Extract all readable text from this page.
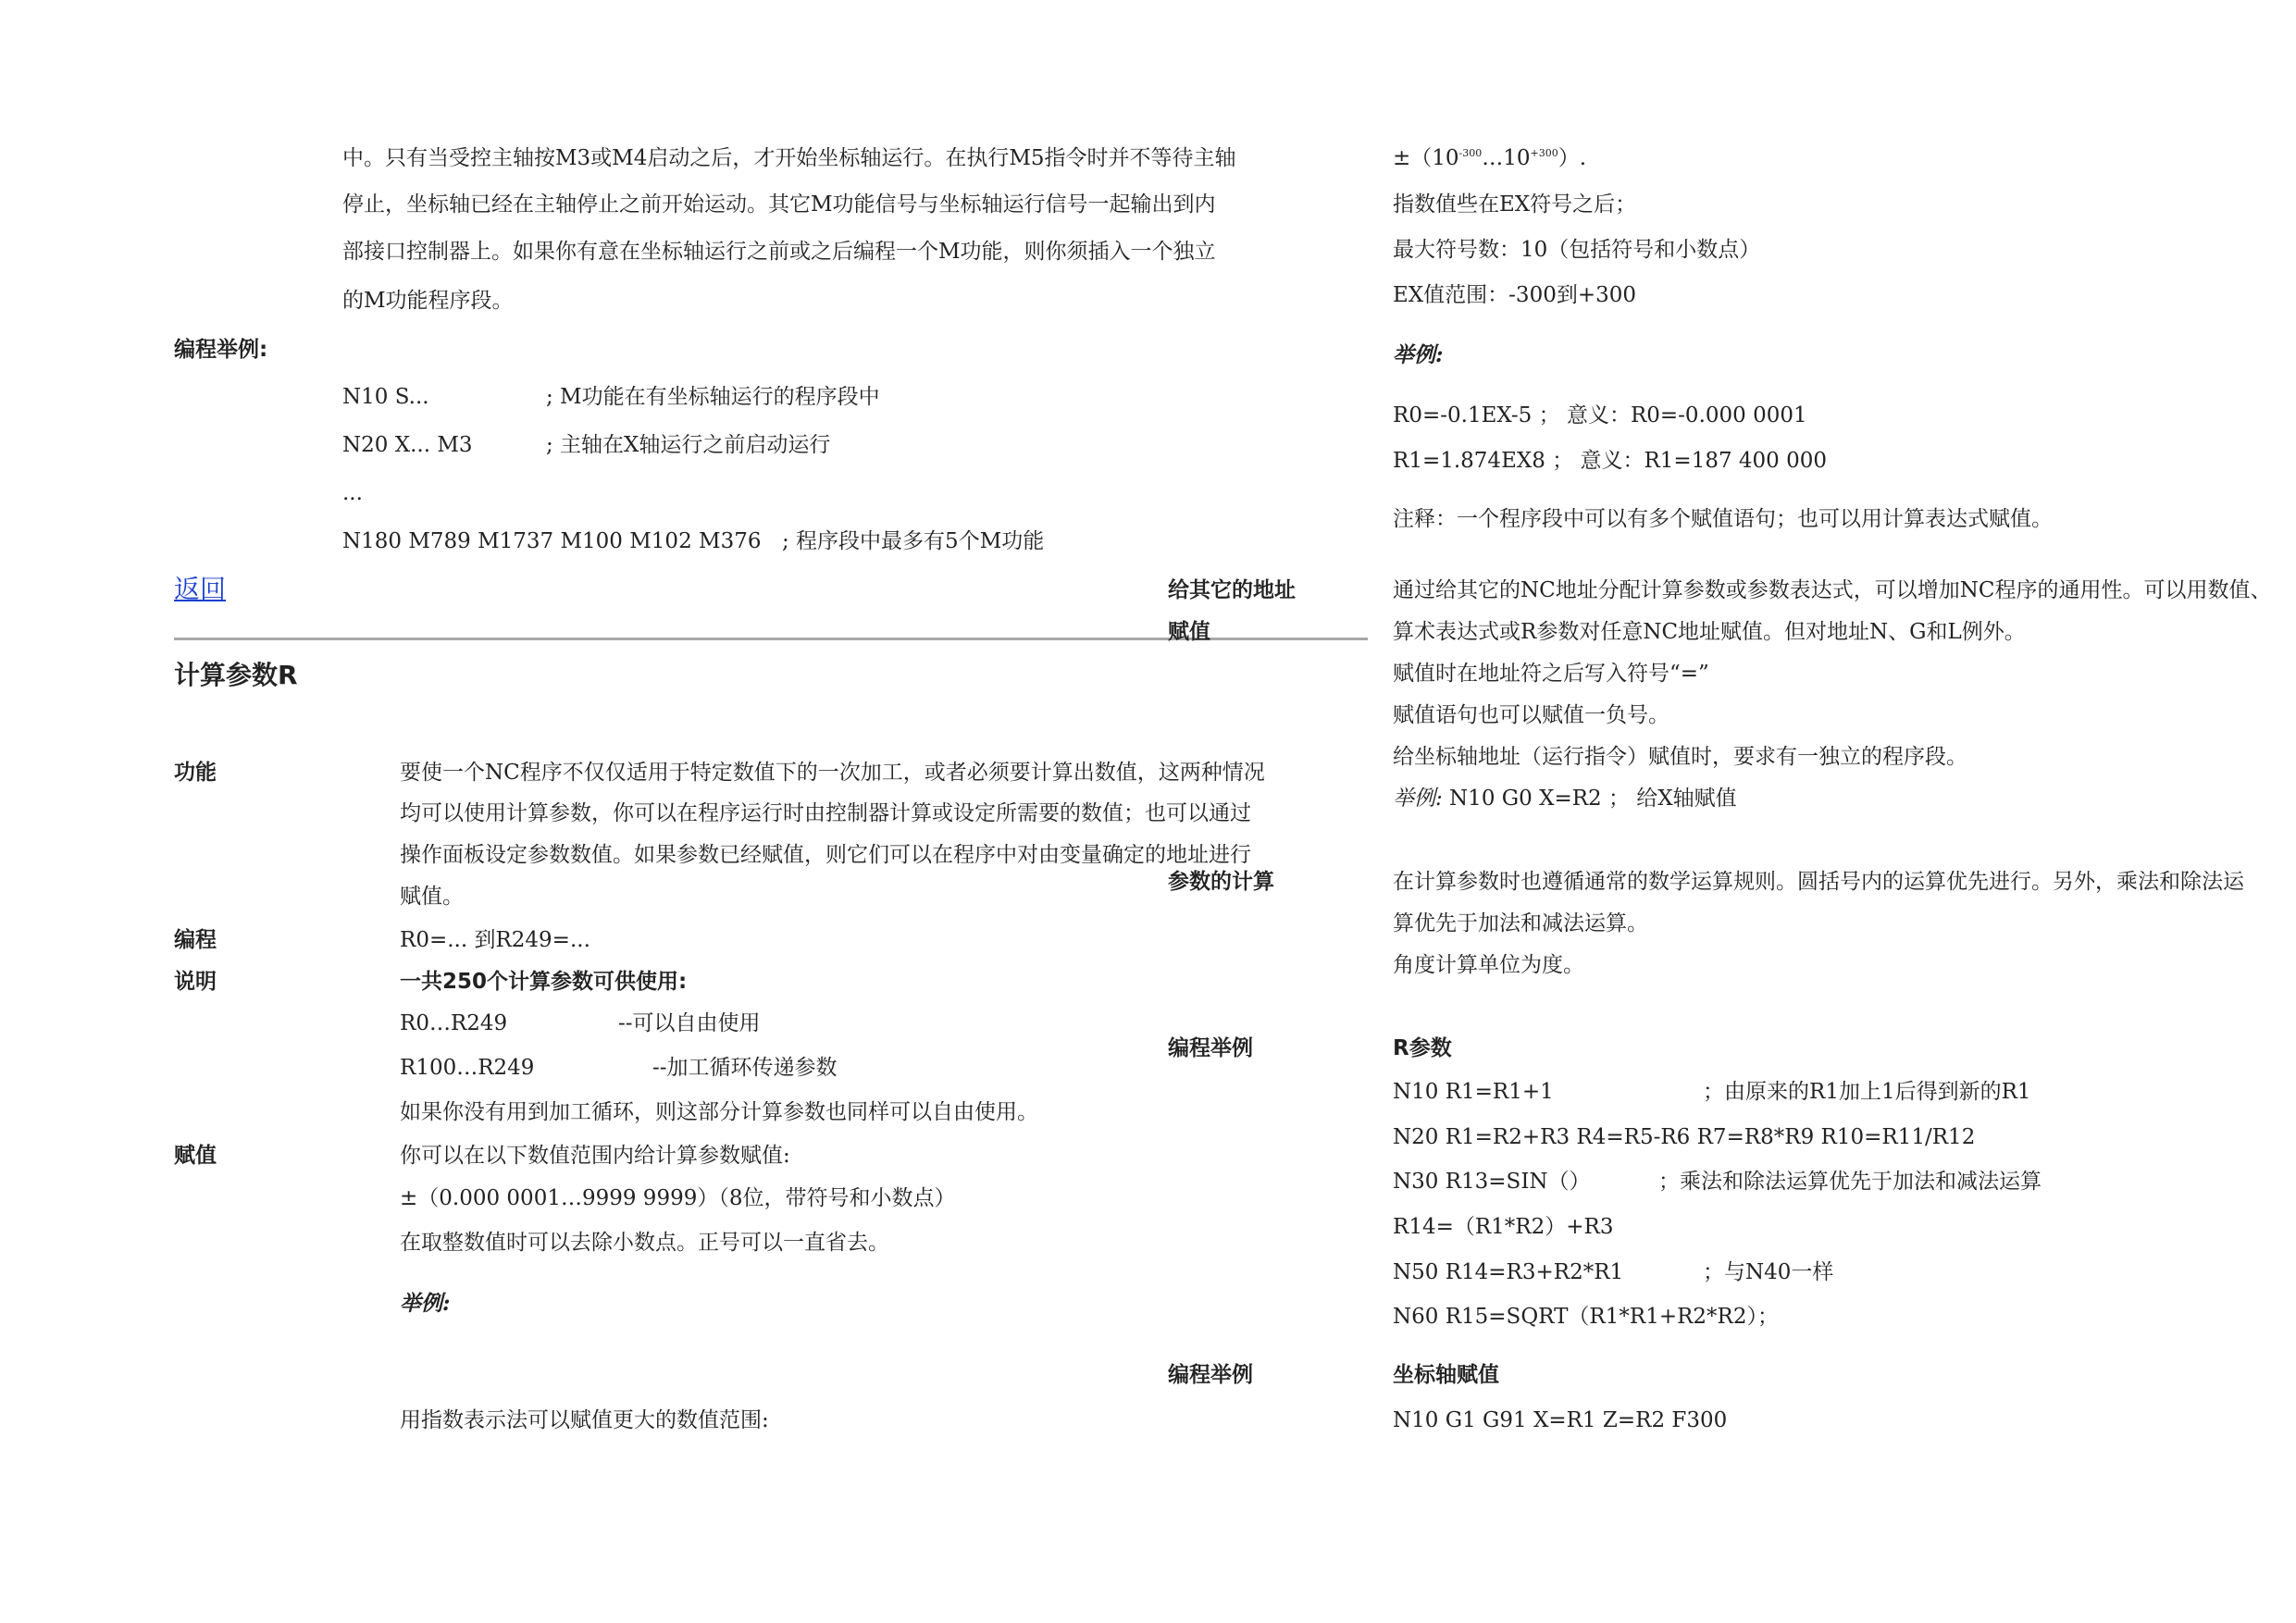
中。只有当受控主轴按M3或M4启动之后，才开始坐标轴运行。在执行M5指令时并不等待主轴
停止，坐标轴已经在主轴停止之前开始运动。其它M功能信号与坐标轴运行信号一起输出到内
部接口控制器上。如果你有意在坐标轴运行之前或之后编程一个M功能，则你须插入一个独立
的M功能程序段。
编程举例:
N10 S...	; M功能在有坐标轴运行的程序段中
N20 X... M3	; 主轴在X轴运行之前启动运行
...
N180 M789 M1737 M100 M102 M376 ; 程序段中最多有5个M功能
返回
计算参数R
功能	要使一个NC程序不仅仅适用于特定数值下的一次加工，或者必须要计算出数值，这两种情况
均可以使用计算参数，你可以在程序运行时由控制器计算或设定所需要的数值；也可以通过
操作面板设定参数数值。如果参数已经赋值，则它们可以在程序中对由变量确定的地址进行
赋值。
编程	R0=... 到R249=...
说明	一共250个计算参数可供使用:
R0…R249	--可以自由使用
R100…R249	--加工循环传递参数
如果你没有用到加工循环，则这部分计算参数也同样可以自由使用。
赋值	你可以在以下数值范围内给计算参数赋值:
±（0.000 0001…9999 9999）（8位，带符号和小数点）
在取整数值时可以去除小数点。正号可以一直省去。
举例:
用指数表示法可以赋值更大的数值范围:
给其它的地址
赋值
参数的计算
编程举例
编程举例
$\pm(10^{-300}\dots 10^{+300})$.
指数值些在EX符号之后；
最大符号数：10（包括符号和小数点）
EX值范围：-300到+300
举例:
R0=-0.1EX-5 ； 意义：R0=-0.000 0001
R1=1.874EX8 ； 意义：R1=187 400 000
注释：一个程序段中可以有多个赋值语句；也可以用计算表达式赋值。
通过给其它的NC地址分配计算参数或参数表达式，可以增加NC程序的通用性。可以用数值、
算术表达式或R参数对任意NC地址赋值。但对地址N、G和L例外。
赋值时在地址符之后写入符号“=”
赋值语句也可以赋值一负号。
给坐标轴地址（运行指令）赋值时，要求有一独立的程序段。
举例: N10 G0 X=R2 ； 给X轴赋值
在计算参数时也遵循通常的数学运算规则。圆括号内的运算优先进行。另外，乘法和除法运
算优先于加法和减法运算。
角度计算单位为度。
R参数
N10 R1=R1+1	；由原来的R1加上1后得到新的R1
N20 R1=R2+R3 R4=R5-R6 R7=R8*R9 R10=R11/R12
N30 R13=SIN（）	；乘法和除法运算优先于加法和减法运算
R14=（R1*R2）+R3
N50 R14=R3+R2*R1	；与N40一样
N60 R15=SQRT（R1*R1+R2*R2）；
坐标轴赋值
N10 G1 G91 X=R1 Z=R2 F300
